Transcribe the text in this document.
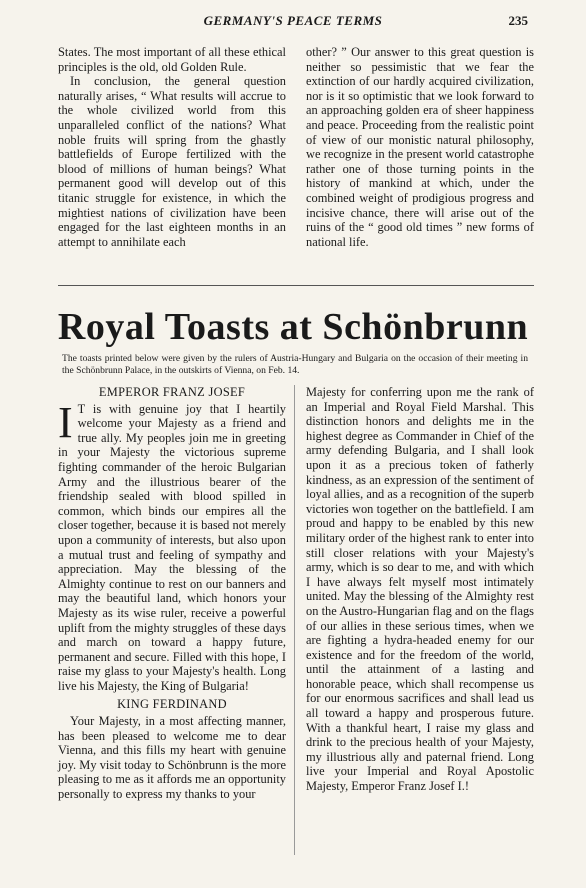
GERMANY'S PEACE TERMS	235

States. The most important of all these ethical principles is the old, old Golden Rule.

In conclusion, the general question naturally arises, “ What results will accrue to the whole civilized world from this unparalleled conflict of the nations? What noble fruits will spring from the ghastly battlefields of Europe fertilized with the blood of millions of human beings? What permanent good will develop out of this titanic struggle for existence, in which the mightiest nations of civilization have been engaged for the last eighteen months in an attempt to annihilate each

other? ” Our answer to this great question is neither so pessimistic that we fear the extinction of our hardly acquired civilization, nor is it so optimistic that we look forward to an approaching golden era of sheer happiness and peace. Proceeding from the realistic point of view of our monistic natural philosophy, we recognize in the present world catastrophe rather one of those turning points in the history of mankind at which, under the combined weight of prodigious progress and incisive chance, there will arise out of the ruins of the “ good old times ” new forms of national life.

Royal Toasts at Schönbrunn
The toasts printed below were given by the rulers of Austria-Hungary and Bulgaria on the occasion of their meeting in the Schönbrunn Palace, in the outskirts of Vienna, on Feb. 14.
EMPEROR FRANZ JOSEF

I T is with genuine joy that I heartily welcome your Majesty as a friend and true ally. My peoples join me in greeting in your Majesty the victorious supreme fighting commander of the heroic Bulgarian Army and the illustrious bearer of the friendship sealed with blood spilled in common, which binds our empires all the closer together, because it is based not merely upon a community of interests, but also upon a mutual trust and feeling of sympathy and appreciation. May the blessing of the Almighty continue to rest on our banners and may the beautiful land, which honors your Majesty as its wise ruler, receive a powerful uplift from the mighty struggles of these days and march on toward a happy future, permanent and secure. Filled with this hope, I raise my glass to your Majesty's health. Long live his Majesty, the King of Bulgaria!

KING FERDINAND

Your Majesty, in a most affecting manner, has been pleased to welcome me to dear Vienna, and this fills my heart with genuine joy. My visit today to Schönbrunn is the more pleasing to me as it affords me an opportunity personally to express my thanks to your

Majesty for conferring upon me the rank of an Imperial and Royal Field Marshal. This distinction honors and delights me in the highest degree as Commander in Chief of the army defending Bulgaria, and I shall look upon it as a precious token of fatherly kindness, as an expression of the sentiment of loyal allies, and as a recognition of the superb victories won together on the battlefield. I am proud and happy to be enabled by this new military order of the highest rank to enter into still closer relations with your Majesty's army, which is so dear to me, and with which I have always felt myself most intimately united. May the blessing of the Almighty rest on the Austro-Hungarian flag and on the flags of our allies in these serious times, when we are fighting a hydra-headed enemy for our existence and for the freedom of the world, until the attainment of a lasting and honorable peace, which shall recompense us for our enormous sacrifices and shall lead us all toward a happy and prosperous future. With a thankful heart, I raise my glass and drink to the precious health of your Majesty, my illustrious ally and paternal friend. Long live your Imperial and Royal Apostolic Majesty, Emperor Franz Josef I.!
